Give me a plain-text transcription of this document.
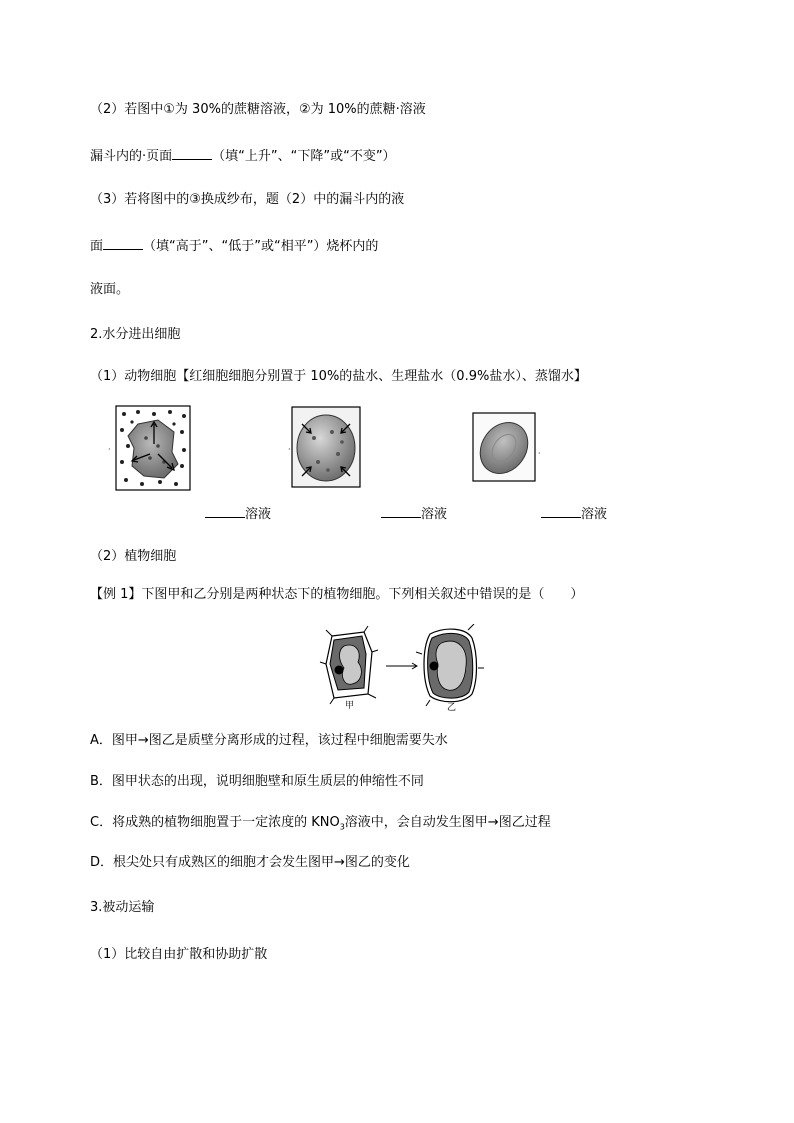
（2）若图中①为 30%的蔗糖溶液，②为 10%的蔗糖·溶液
漏斗内的·页面	（填“上升”、“下降”或“不变”）
（3）若将图中的③换成纱布，题（2）中的漏斗内的液
面	（填“高于”、“低于”或“相平”）烧杯内的
液面。
2.水分进出细胞
（1）动物细胞【红细胞细胞分别置于 10%的盐水、生理盐水（0.9%盐水）、蒸馏水】
·	·	·
溶液	溶液	溶液
（2）植物细胞
【例 1】下图甲和乙分别是两种状态下的植物细胞。下列相关叙述中错误的是（　　）
甲	乙
A．图甲→图乙是质壁分离形成的过程，该过程中细胞需要失水
B．图甲状态的出现，说明细胞壁和原生质层的伸缩性不同
C．将成熟的植物细胞置于一定浓度的 $KNO_3$溶液中，会自动发生图甲→图乙过程
D．根尖处只有成熟区的细胞才会发生图甲→图乙的变化
3.被动运输
（1）比较自由扩散和协助扩散
